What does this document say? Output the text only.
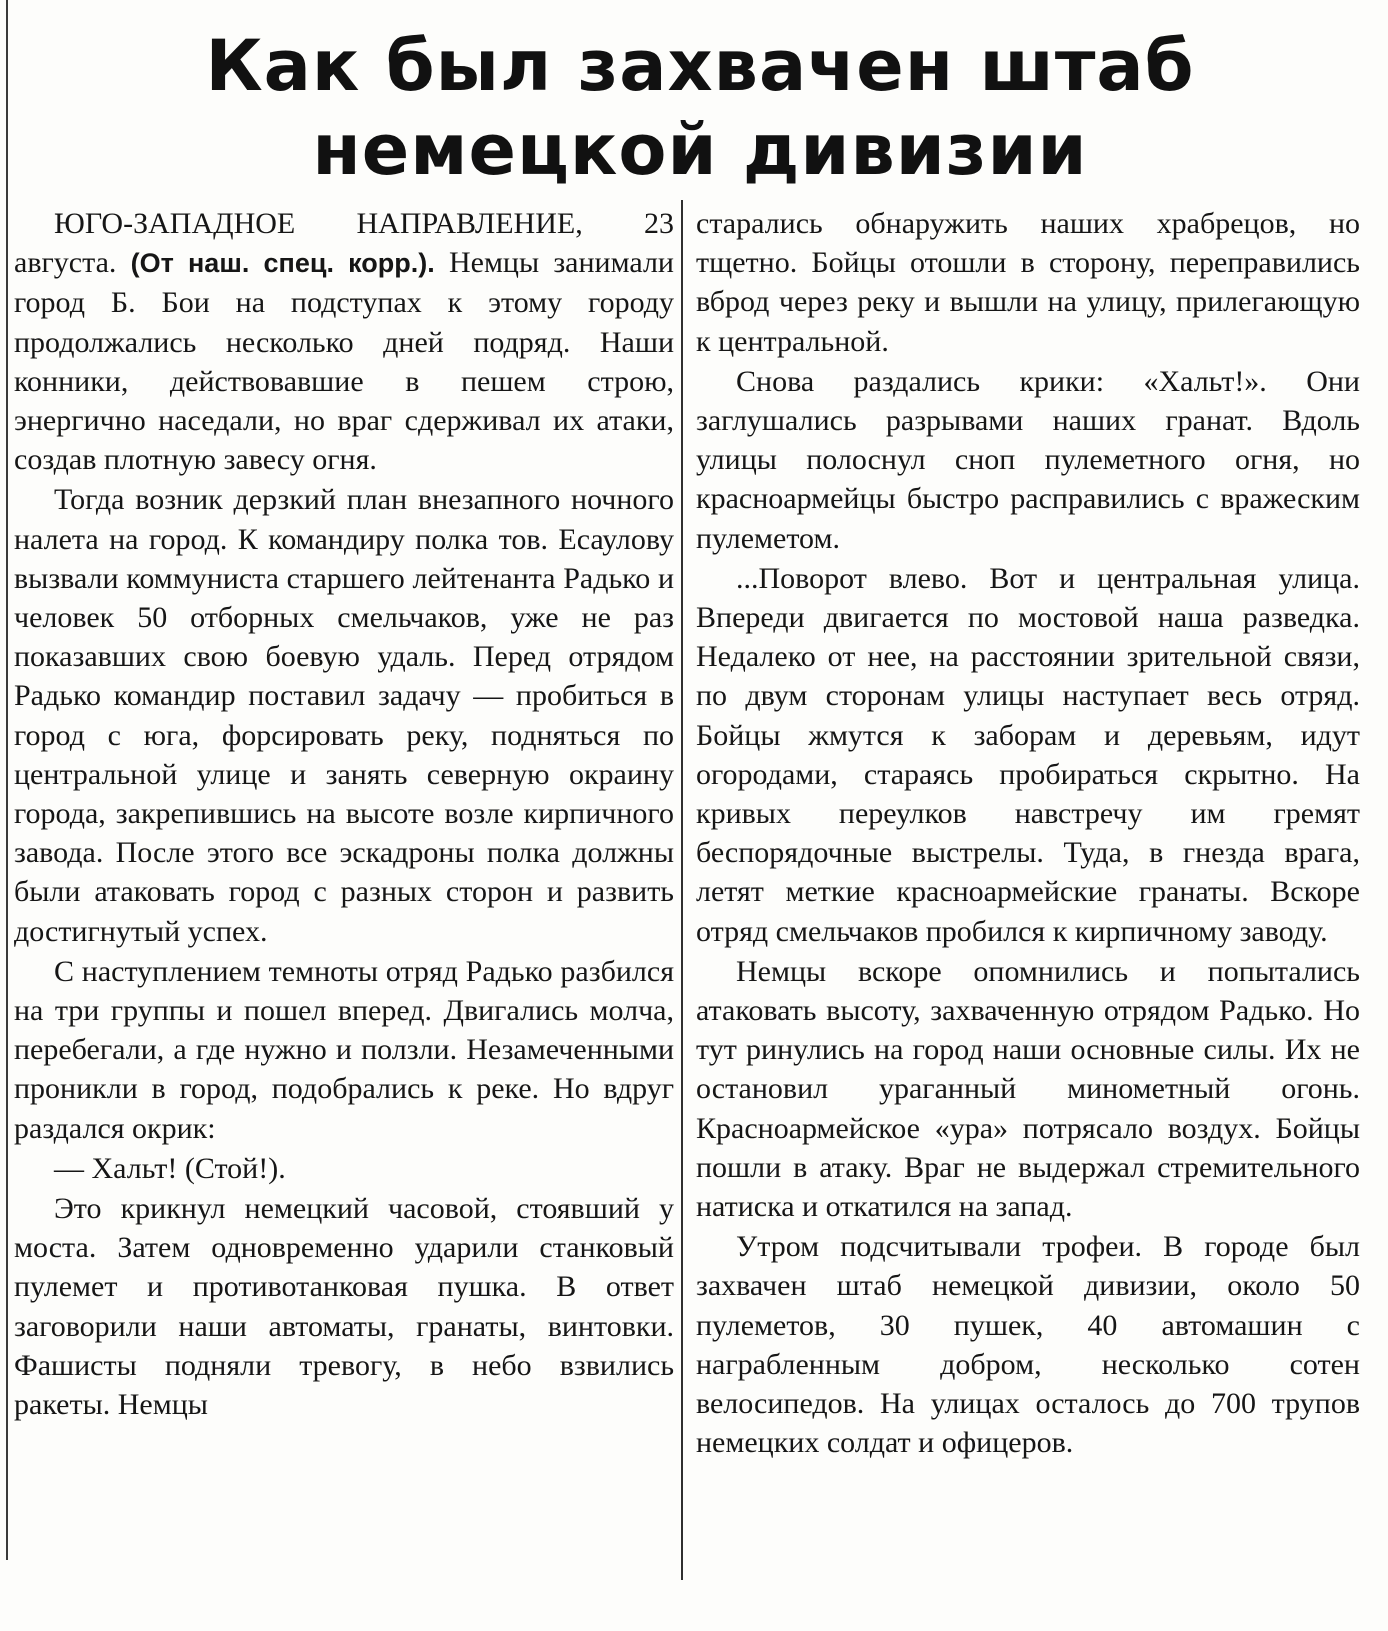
Как был захвачен штаб
немецкой дивизии

ЮГО-ЗАПАДНОЕ НАПРАВЛЕНИЕ, 23 августа. (От наш. спец. корр.). Немцы занимали город Б. Бои на подступах к этому городу продолжались несколько дней подряд. Наши конники, действовавшие в пешем строю, энергично наседали, но враг сдерживал их атаки, создав плотную завесу огня.

Тогда возник дерзкий план внезапного ночного налета на город. К командиру полка тов. Есаулову вызвали коммуниста старшего лейтенанта Радько и человек 50 отборных смельчаков, уже не раз показавших свою боевую удаль. Перед отрядом Радько командир поставил задачу — пробиться в город с юга, форсировать реку, подняться по центральной улице и занять северную окраину города, закрепившись на высоте возле кирпичного завода. После этого все эскадроны полка должны были атаковать город с разных сторон и развить достигнутый успех.

С наступлением темноты отряд Радько разбился на три группы и пошел вперед. Двигались молча, перебегали, а где нужно и ползли. Незамеченными проникли в город, подобрались к реке. Но вдруг раздался окрик:

— Хальт! (Стой!).

Это крикнул немецкий часовой, стоявший у моста. Затем одновременно ударили станковый пулемет и противотанковая пушка. В ответ заговорили наши автоматы, гранаты, винтовки. Фашисты подняли тревогу, в небо взвились ракеты. Немцы

старались обнаружить наших храбрецов, но тщетно. Бойцы отошли в сторону, переправились вброд через реку и вышли на улицу, прилегающую к центральной.

Снова раздались крики: «Хальт!». Они заглушались разрывами наших гранат. Вдоль улицы полоснул сноп пулеметного огня, но красноармейцы быстро расправились с вражеским пулеметом.

...Поворот влево. Вот и центральная улица. Впереди двигается по мостовой наша разведка. Недалеко от нее, на расстоянии зрительной связи, по двум сторонам улицы наступает весь отряд. Бойцы жмутся к заборам и деревьям, идут огородами, стараясь пробираться скрытно. На кривых переулков навстречу им гремят беспорядочные выстрелы. Туда, в гнезда врага, летят меткие красноармейские гранаты. Вскоре отряд смельчаков пробился к кирпичному заводу.

Немцы вскоре опомнились и попытались атаковать высоту, захваченную отрядом Радько. Но тут ринулись на город наши основные силы. Их не остановил ураганный минометный огонь. Красноармейское «ура» потрясало воздух. Бойцы пошли в атаку. Враг не выдержал стремительного натиска и откатился на запад.

Утром подсчитывали трофеи. В городе был захвачен штаб немецкой дивизии, около 50 пулеметов, 30 пушек, 40 автомашин с награбленным добром, несколько сотен велосипедов. На улицах осталось до 700 трупов немецких солдат и офицеров.
